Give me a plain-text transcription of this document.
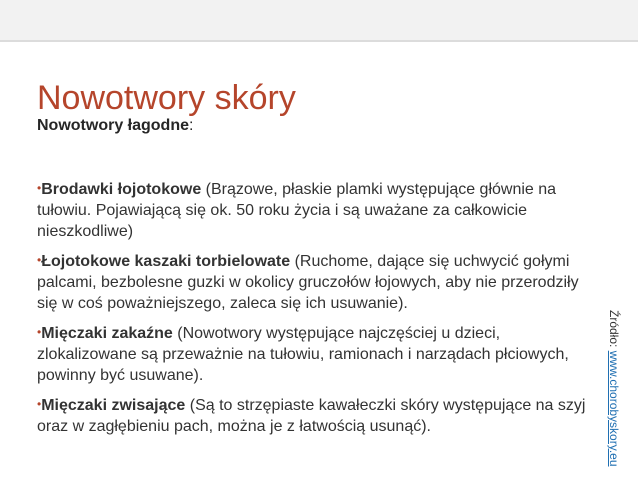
Nowotwory skóry
Nowotwory łagodne:
•Brodawki łojotokowe (Brązowe, płaskie plamki występujące głównie na tułowiu. Pojawiającą się ok. 50 roku życia i są uważane za całkowicie nieszkodliwe)
•Łojotokowe kaszaki torbielowate (Ruchome, dające się uchwycić gołymi palcami, bezbolesne guzki w okolicy gruczołów łojowych, aby nie przerodziły się w coś poważniejszego, zaleca się ich usuwanie).
•Mięczaki zakaźne (Nowotwory występujące najczęściej u dzieci, zlokalizowane są przeważnie na tułowiu, ramionach i narządach płciowych, powinny być usuwane).
•Mięczaki zwisające (Są to strzępiaste kawałeczki skóry występujące na szyj oraz w zagłębieniu pach, można je z łatwością usunąć).
Źródło: www.chorobyskory.eu
